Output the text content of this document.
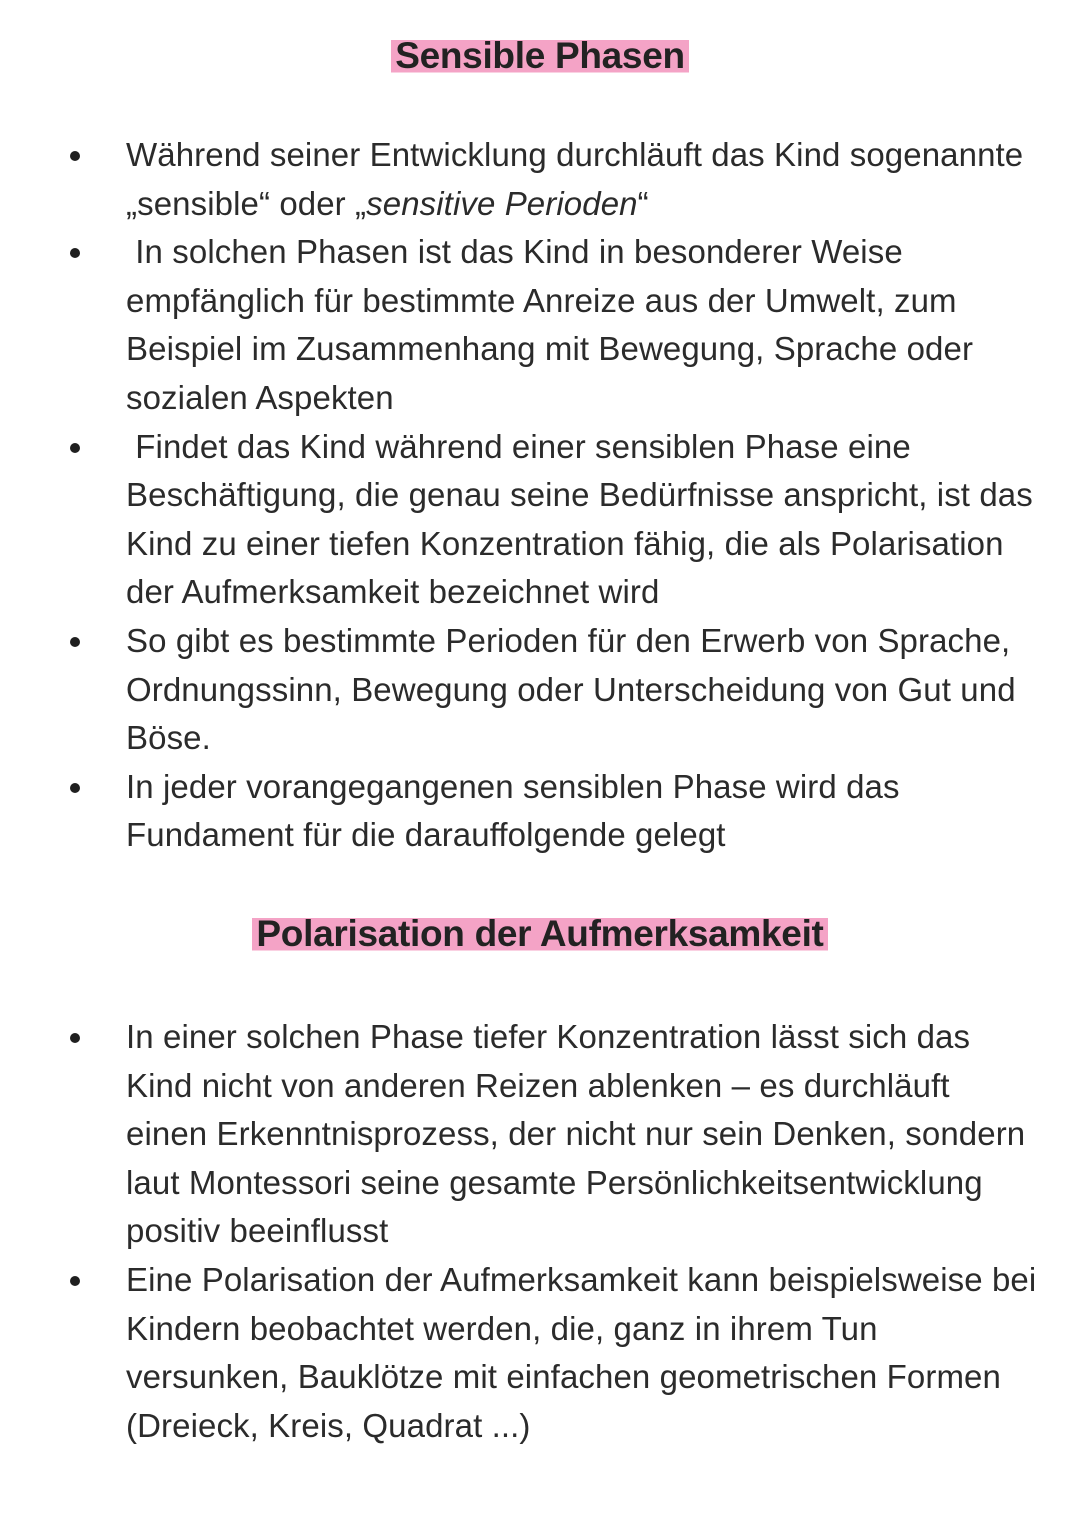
Sensible Phasen
Während seiner Entwicklung durchläuft das Kind sogenannte „sensible“ oder „sensitive Perioden“
In solchen Phasen ist das Kind in besonderer Weise empfänglich für bestimmte Anreize aus der Umwelt, zum Beispiel im Zusammenhang mit Bewegung, Sprache oder sozialen Aspekten
Findet das Kind während einer sensiblen Phase eine Beschäftigung, die genau seine Bedürfnisse anspricht, ist das Kind zu einer tiefen Konzentration fähig, die als Polarisation der Aufmerksamkeit bezeichnet wird
So gibt es bestimmte Perioden für den Erwerb von Sprache, Ordnungssinn, Bewegung oder Unterscheidung von Gut und Böse.
In jeder vorangegangenen sensiblen Phase wird das Fundament für die darauffolgende gelegt
Polarisation der Aufmerksamkeit
In einer solchen Phase tiefer Konzentration lässt sich das Kind nicht von anderen Reizen ablenken – es durchläuft einen Erkenntnisprozess, der nicht nur sein Denken, sondern laut Montessori seine gesamte Persönlichkeitsentwicklung positiv beeinflusst
Eine Polarisation der Aufmerksamkeit kann beispielsweise bei Kindern beobachtet werden, die, ganz in ihrem Tun versunken, Bauklötze mit einfachen geometrischen Formen (Dreieck, Kreis, Quadrat ...)
